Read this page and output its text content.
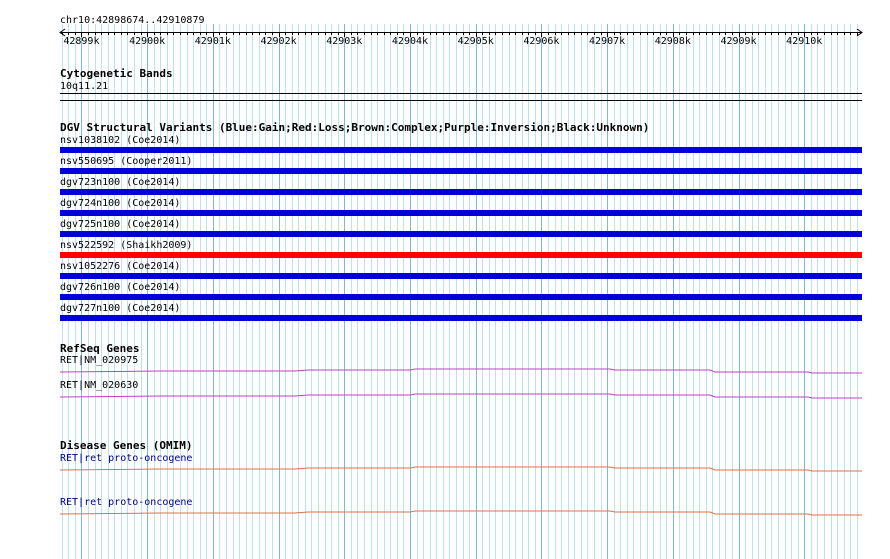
chr10:42898674..42910879
42899k	42900k	42901k	42902k	42903k	42904k	42905k	42906k	42907k	42908k	42909k	42910k
Cytogenetic Bands
10q11.21
DGV Structural Variants (Blue:Gain;Red:Loss;Brown:Complex;Purple:Inversion;Black:Unknown)
nsv1038102 (Coe2014)
nsv550695 (Cooper2011)
dgv723n100 (Coe2014)
dgv724n100 (Coe2014)
dgv725n100 (Coe2014)
nsv522592 (Shaikh2009)
nsv1052276 (Coe2014)
dgv726n100 (Coe2014)
dgv727n100 (Coe2014)
RefSeq Genes
RET|NM_020975
RET|NM_020630
Disease Genes (OMIM)
RET|ret proto-oncogene
RET|ret proto-oncogene
